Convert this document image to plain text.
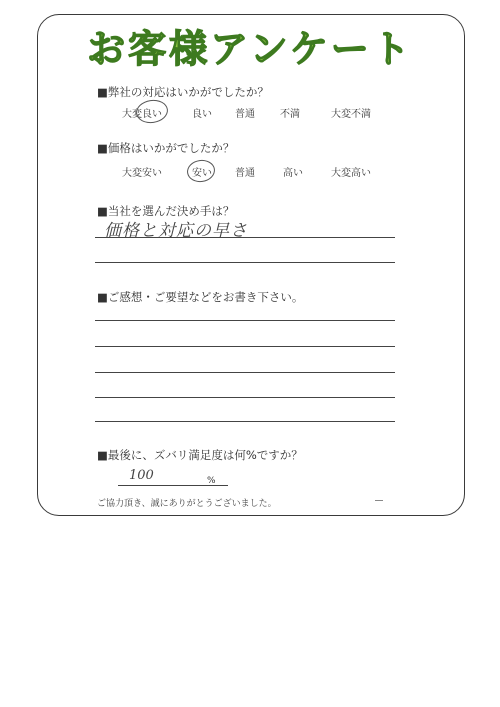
お客様アンケート
■弊社の対応はいかがでしたか？
大変良い	良い 普通	不満	大変不満
■価格はいかがでしたか？
大変安い	安い 普通	高い	大変高い
■当社を選んだ決め手は？
価格と対応の早さ
■ご感想・ご要望などをお書き下さい。
■最後に、ズバリ満足度は何%ですか？
100	%
ご協力頂き、誠にありがとうございました。
